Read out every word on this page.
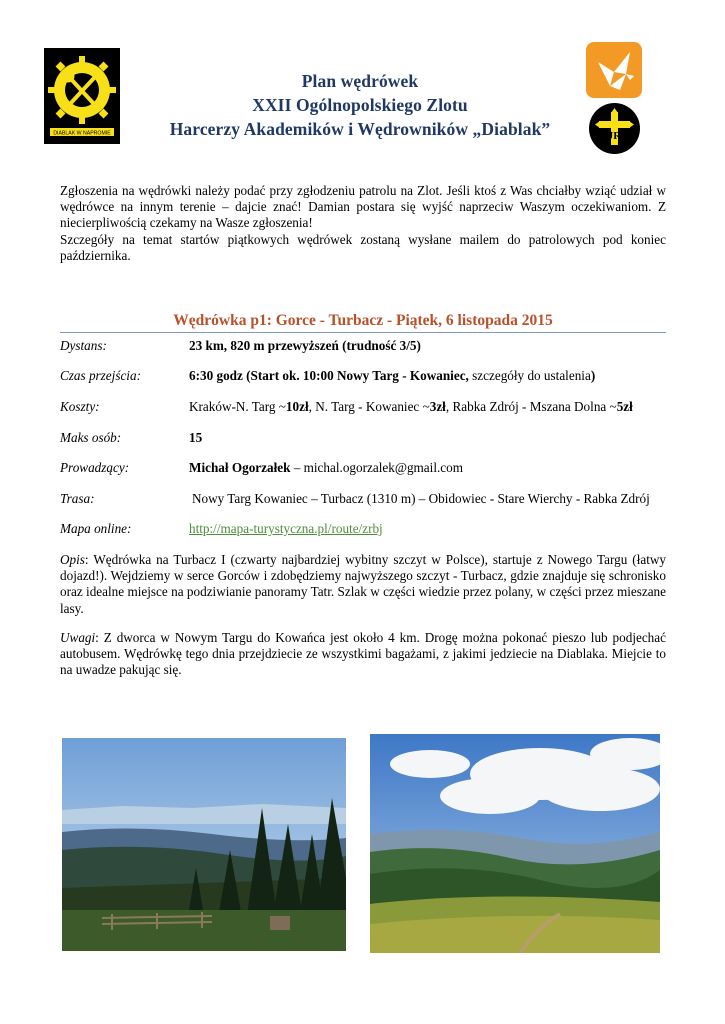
DIABLAK W NAPROMIE	JR
Plan wędrówek
XXII Ogólnopolskiego Zlotu
Harcerzy Akademików i Wędrowników „Diablak”

Zgłoszenia na wędrówki należy podać przy zgłodzeniu patrolu na Zlot. Jeśli ktoś z Was chciałby wziąć udział w wędrówce na innym terenie – dajcie znać! Damian postara się wyjść naprzeciw Waszym oczekiwaniom. Z niecierpliwością czekamy na Wasze zgłoszenia!

Szczegóły na temat startów piątkowych wędrówek zostaną wysłane mailem do patrolowych pod koniec października.

Wędrówka p1: Gorce - Turbacz - Piątek, 6 listopada 2015
Dystans:	23 km, 820 m przewyższeń (trudność 3/5)
Czas przejścia:	6:30 godz (Start ok. 10:00 Nowy Targ - Kowaniec, szczegóły do ustalenia)
Koszty:	Kraków-N. Targ ~10zł, N. Targ - Kowaniec ~3zł, Rabka Zdrój - Mszana Dolna ~5zł
Maks osób:	15
Prowadzący:	Michał Ogorzałek – michal.ogorzalek@gmail.com
Trasa:	Nowy Targ Kowaniec – Turbacz (1310 m) – Obidowiec - Stare Wierchy - Rabka Zdrój
Mapa online:	http://mapa-turystyczna.pl/route/zrbj

Opis: Wędrówka na Turbacz I (czwarty najbardziej wybitny szczyt w Polsce), startuje z Nowego Targu (łatwy dojazd!). Wejdziemy w serce Gorców i zdobędziemy najwyższego szczyt - Turbacz, gdzie znajduje się schronisko oraz idealne miejsce na podziwianie panoramy Tatr. Szlak w części wiedzie przez polany, w części przez mieszane lasy.

Uwagi: Z dworca w Nowym Targu do Kowańca jest około 4 km. Drogę można pokonać pieszo lub podjechać autobusem. Wędrówkę tego dnia przejdziecie ze wszystkimi bagażami, z jakimi jedziecie na Diablaka. Miejcie to na uwadze pakując się.
